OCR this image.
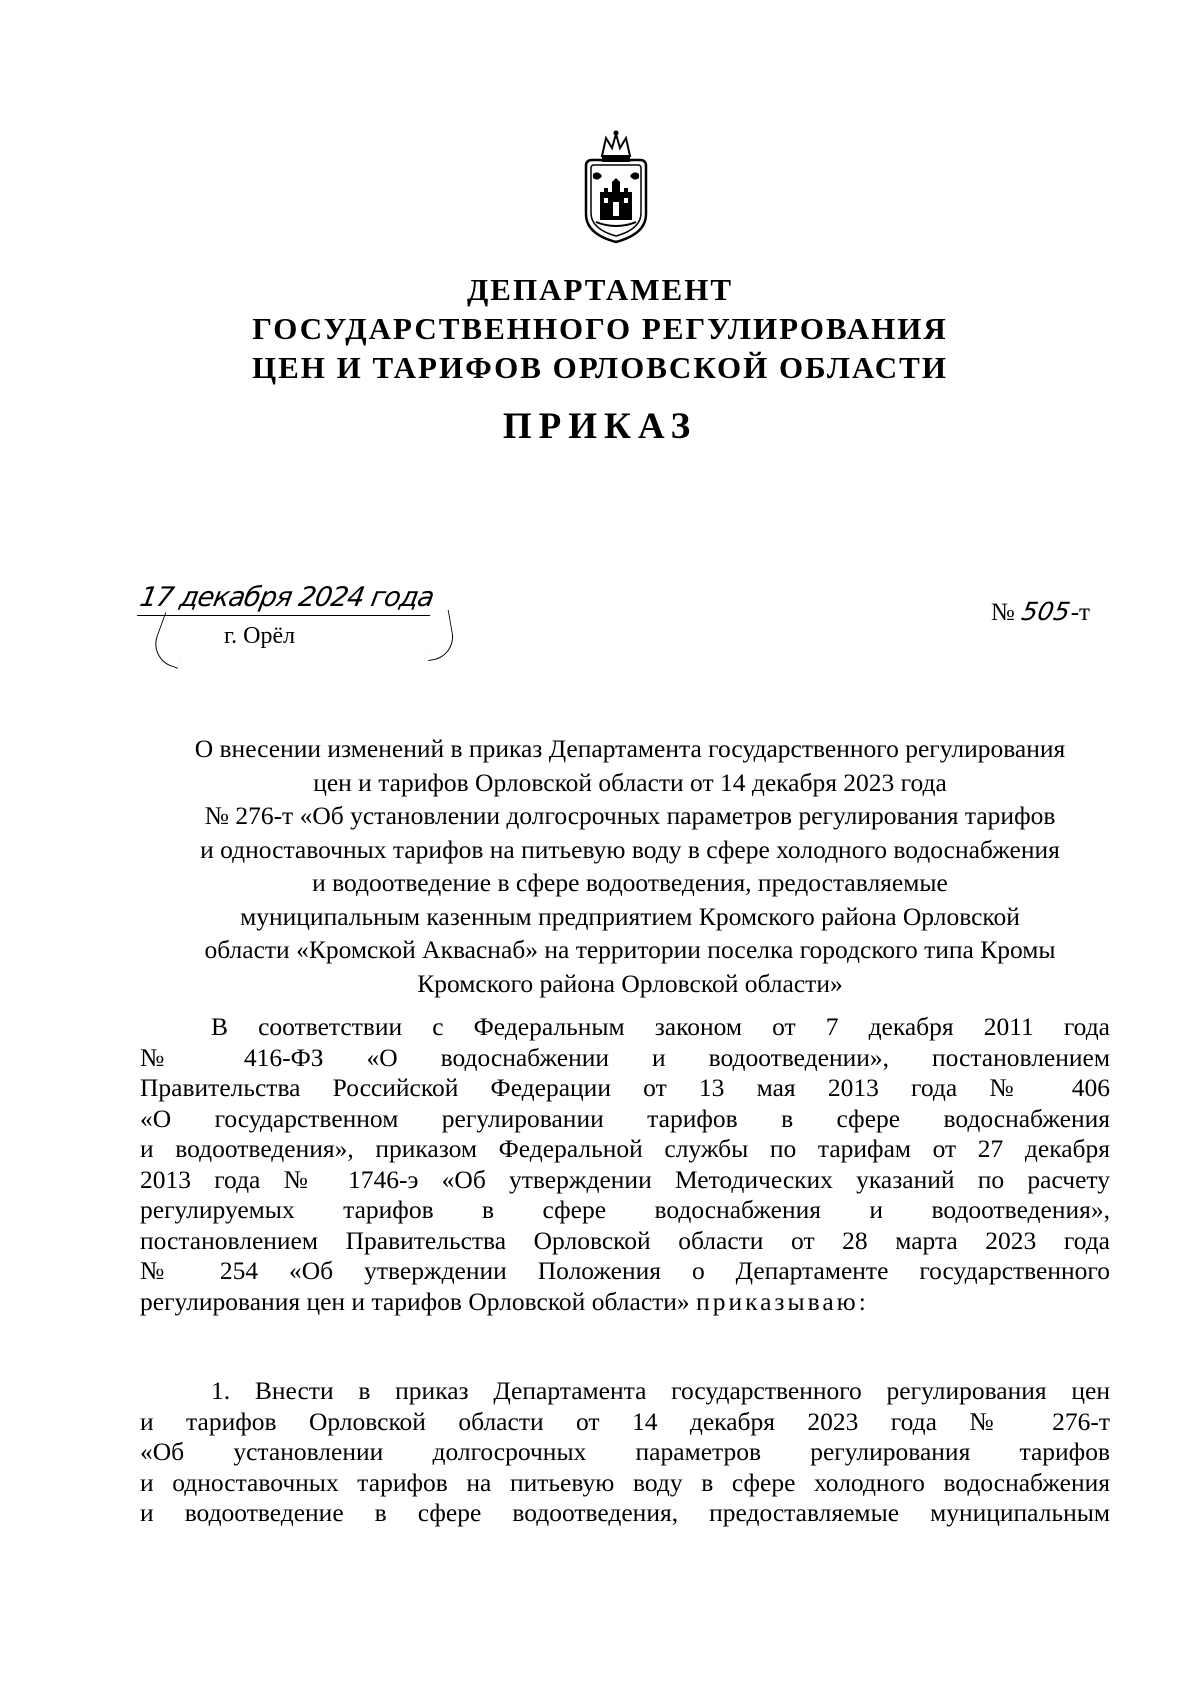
ДЕПАРТАМЕНТ
ГОСУДАРСТВЕННОГО РЕГУЛИРОВАНИЯ
ЦЕН И ТАРИФОВ ОРЛОВСКОЙ ОБЛАСТИ
ПРИКАЗ
17 декабря 2024 года
г. Орёл
№ 505-т
О внесении изменений в приказ Департамента государственного регулирования
цен и тарифов Орловской области от 14 декабря 2023 года
№ 276-т «Об установлении долгосрочных параметров регулирования тарифов
и одноставочных тарифов на питьевую воду в сфере холодного водоснабжения
и водоотведение в сфере водоотведения, предоставляемые
муниципальным казенным предприятием Кромского района Орловской
области «Кромской Акваснаб» на территории поселка городского типа Кромы
Кромского района Орловской области»
В соответствии с Федеральным законом от 7 декабря 2011 года
№ 416-ФЗ «О водоснабжении и водоотведении», постановлением
Правительства Российской Федерации от 13 мая 2013 года № 406
«О государственном регулировании тарифов в сфере водоснабжения
и водоотведения», приказом Федеральной службы по тарифам от 27 декабря
2013 года № 1746-э «Об утверждении Методических указаний по расчету
регулируемых тарифов в сфере водоснабжения и водоотведения»,
постановлением Правительства Орловской области от 28 марта 2023 года
№ 254 «Об утверждении Положения о Департаменте государственного
регулирования цен и тарифов Орловской области» приказываю:
1. Внести в приказ Департамента государственного регулирования цен
и тарифов Орловской области от 14 декабря 2023 года № 276-т
«Об установлении долгосрочных параметров регулирования тарифов
и одноставочных тарифов на питьевую воду в сфере холодного водоснабжения
и водоотведение в сфере водоотведения, предоставляемые муниципальным
